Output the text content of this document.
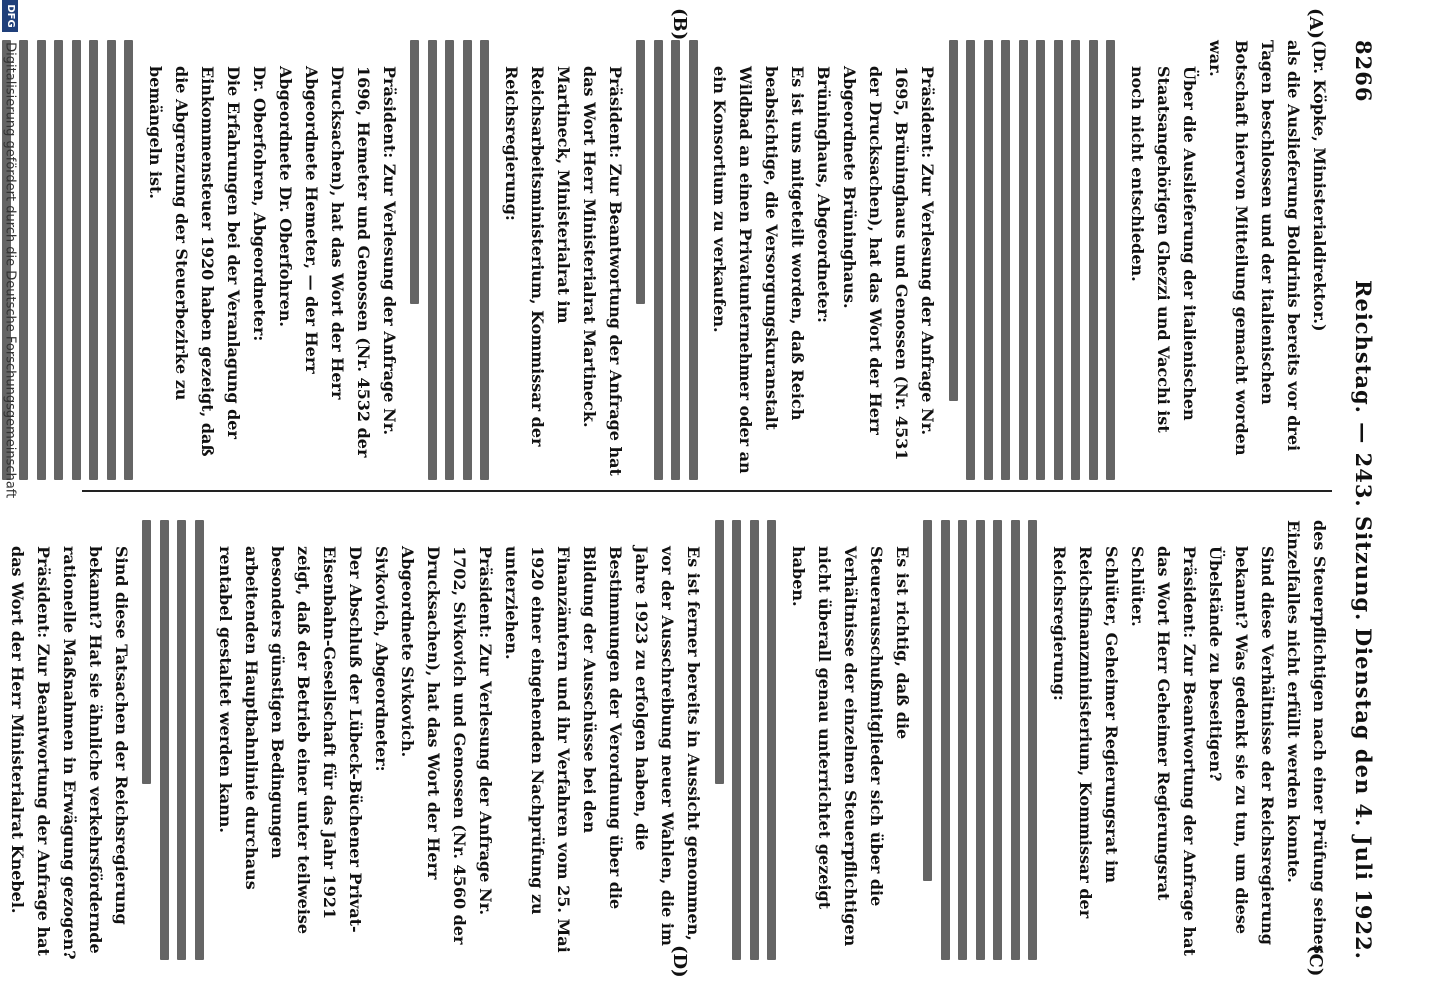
8266
Reichstag. — 243. Sitzung.
Dienstag den 4. Juli 1922.
(A)
(B)
(C)
(D)

(Dr. Köpke, Ministerialdirektor.)

als die Auslieferung Boldrinis bereits vor drei Tagen beschlossen und der italienischen Botschaft hiervon Mitteilung gemacht worden war.

Über die Auslieferung der italienischen Staatsangehörigen Ghezzi und Vacchi ist noch nicht entschieden.

Präsident: Zur Verlesung der Anfrage Nr. 1695, Brüninghaus und Genossen (Nr. 4531 der Drucksachen), hat das Wort der Herr Abgeordnete Brüninghaus.

Brüninghaus, Abgeordneter:

Es ist uns mitgeteilt worden, daß Reich beabsichtige, die Versorgungskuranstalt Wildbad an einen Privatunternehmer oder an ein Konsortium zu verkaufen.

Präsident: Zur Beantwortung der Anfrage hat das Wort Herr Ministerialrat Martineck.

Martineck, Ministerialrat im Reichsarbeitsministerium, Kommissar der Reichsregierung:

Präsident: Zur Verlesung der Anfrage Nr. 1696, Hemeter und Genossen (Nr. 4532 der Drucksachen), hat das Wort der Herr Abgeordnete Hemeter, — der Herr Abgeordnete Dr. Oberfohren.

Dr. Oberfohren, Abgeordneter:

Die Erfahrungen bei der Veranlagung der Einkommensteuer 1920 haben gezeigt, daß die Abgrenzung der Steuerbezirke zu bemängeln ist.

des Steuerpflichtigen nach einer Prüfung seines Einzelfalles nicht erfüllt werden konnte.

Sind diese Verhältnisse der Reichsregierung bekannt? Was gedenkt sie zu tun, um diese Übelstände zu beseitigen?

Präsident: Zur Beantwortung der Anfrage hat das Wort Herr Geheimer Regierungsrat Schlüter.

Schlüter, Geheimer Regierungsrat im Reichsfinanzministerium, Kommissar der Reichsregierung:

Es ist richtig, daß die Steuerausschußmitglieder sich über die Verhältnisse der einzelnen Steuerpflichtigen nicht überall genau unterrichtet gezeigt haben.

Es ist ferner bereits in Aussicht genommen, vor der Ausschreibung neuer Wahlen, die im Jahre 1923 zu erfolgen haben, die Bestimmungen der Verordnung über die Bildung der Ausschüsse bei den Finanzämtern und ihr Verfahren vom 25. Mai 1920 einer eingehenden Nachprüfung zu unterziehen.

Präsident: Zur Verlesung der Anfrage Nr. 1702, Sivkovich und Genossen (Nr. 4560 der Drucksachen), hat das Wort der Herr Abgeordnete Sivkovich.

Sivkovich, Abgeordneter:

Der Abschluß der Lübeck-Büchener Privat-Eisenbahn-Gesellschaft für das Jahr 1921 zeigt, daß der Betrieb einer unter teilweise besonders günstigen Bedingungen arbeitenden Hauptbahnlinie durchaus rentabel gestaltet werden kann.

Sind diese Tatsachen der Reichsregierung bekannt? Hat sie ähnliche verkehrsfördernde rationelle Maßnahmen in Erwägung gezogen?

Präsident: Zur Beantwortung der Anfrage hat das Wort der Herr Ministerialrat Knebel.

DFG Digitalisierung gefördert durch die Deutsche Forschungsgemeinschaft
